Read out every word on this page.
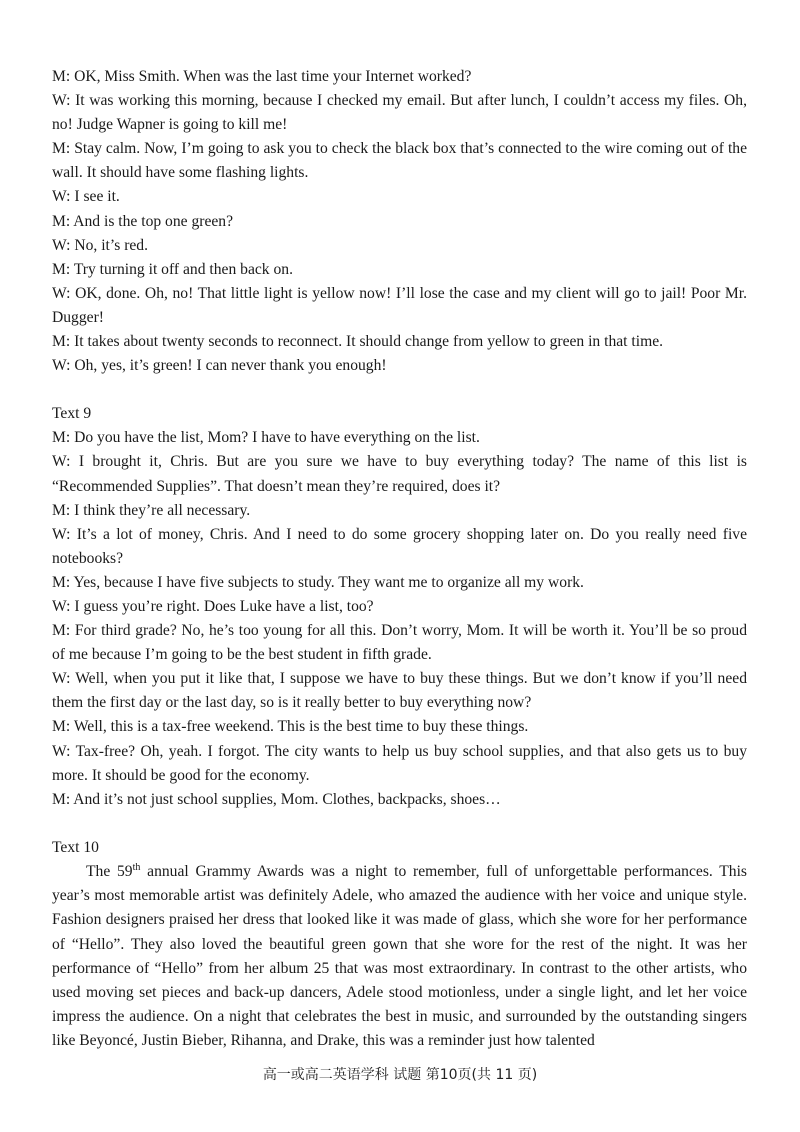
M: OK, Miss Smith. When was the last time your Internet worked?

W: It was working this morning, because I checked my email. But after lunch, I couldn’t access my files. Oh, no! Judge Wapner is going to kill me!

M: Stay calm. Now, I’m going to ask you to check the black box that’s connected to the wire coming out of the wall. It should have some flashing lights.

W: I see it.

M: And is the top one green?

W: No, it’s red.

M: Try turning it off and then back on.

W: OK, done. Oh, no! That little light is yellow now! I’ll lose the case and my client will go to jail! Poor Mr. Dugger!

M: It takes about twenty seconds to reconnect. It should change from yellow to green in that time.

W: Oh, yes, it’s green! I can never thank you enough!

Text 9

M: Do you have the list, Mom? I have to have everything on the list.

W: I brought it, Chris. But are you sure we have to buy everything today? The name of this list is “Recommended Supplies”. That doesn’t mean they’re required, does it?

M: I think they’re all necessary.

W: It’s a lot of money, Chris. And I need to do some grocery shopping later on. Do you really need five notebooks?

M: Yes, because I have five subjects to study. They want me to organize all my work.

W: I guess you’re right. Does Luke have a list, too?

M: For third grade? No, he’s too young for all this. Don’t worry, Mom. It will be worth it. You’ll be so proud of me because I’m going to be the best student in fifth grade.

W: Well, when you put it like that, I suppose we have to buy these things. But we don’t know if you’ll need them the first day or the last day, so is it really better to buy everything now?

M: Well, this is a tax-free weekend. This is the best time to buy these things.

W: Tax-free? Oh, yeah. I forgot. The city wants to help us buy school supplies, and that also gets us to buy more. It should be good for the economy.

M: And it’s not just school supplies, Mom. Clothes, backpacks, shoes…

Text 10

The 59th annual Grammy Awards was a night to remember, full of unforgettable performances. This year’s most memorable artist was definitely Adele, who amazed the audience with her voice and unique style. Fashion designers praised her dress that looked like it was made of glass, which she wore for her performance of “Hello”. They also loved the beautiful green gown that she wore for the rest of the night. It was her performance of “Hello” from her album 25 that was most extraordinary. In contrast to the other artists, who used moving set pieces and back-up dancers, Adele stood motionless, under a single light, and let her voice impress the audience. On a night that celebrates the best in music, and surrounded by the outstanding singers like Beyoncé, Justin Bieber, Rihanna, and Drake, this was a reminder just how talented

高一或高二英语学科 试题 第10页(共 11 页)
